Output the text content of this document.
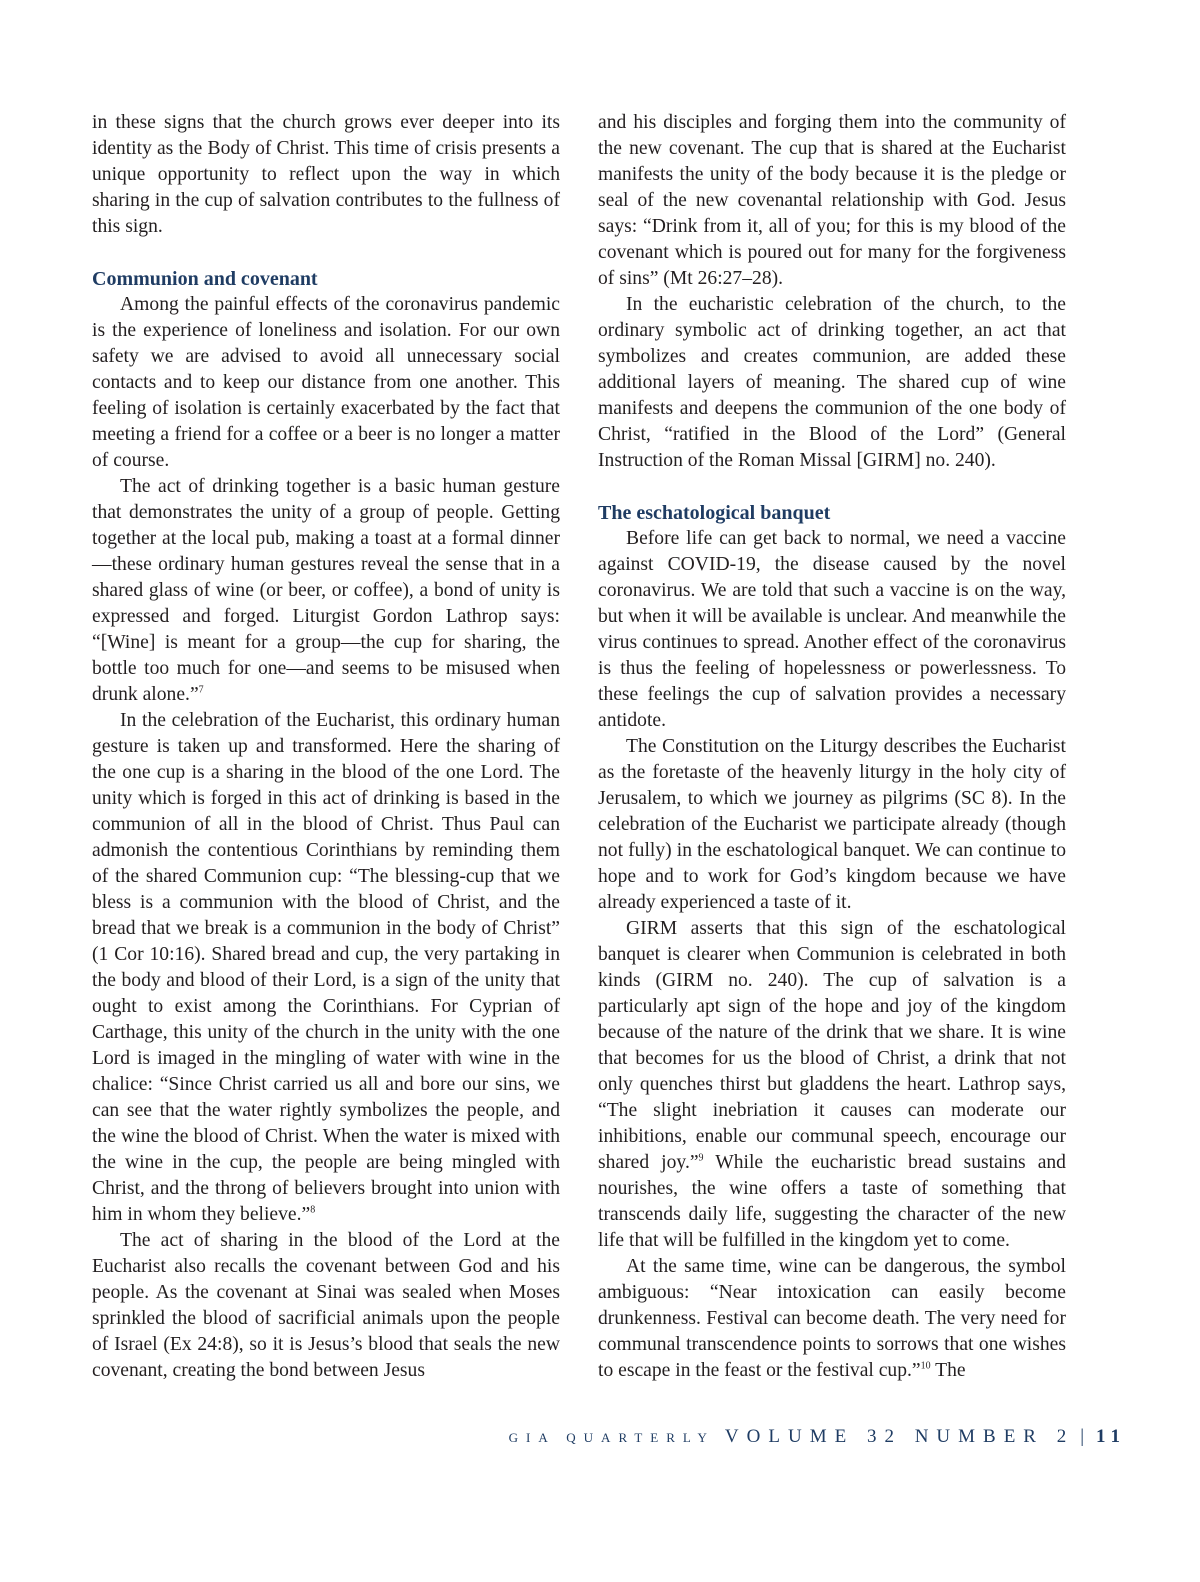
in these signs that the church grows ever deeper into its identity as the Body of Christ. This time of crisis presents a unique opportunity to reflect upon the way in which sharing in the cup of salvation contributes to the fullness of this sign.

Communion and covenant

Among the painful effects of the coronavirus pandemic is the experience of loneliness and isolation. For our own safety we are advised to avoid all unnecessary social contacts and to keep our distance from one another. This feeling of isolation is certainly exacerbated by the fact that meeting a friend for a coffee or a beer is no longer a matter of course.

The act of drinking together is a basic human gesture that demonstrates the unity of a group of people. Getting together at the local pub, making a toast at a formal dinner—these ordinary human gestures reveal the sense that in a shared glass of wine (or beer, or coffee), a bond of unity is expressed and forged. Liturgist Gordon Lathrop says: “[Wine] is meant for a group—the cup for sharing, the bottle too much for one—and seems to be misused when drunk alone.”$^7$

In the celebration of the Eucharist, this ordinary human gesture is taken up and transformed. Here the sharing of the one cup is a sharing in the blood of the one Lord. The unity which is forged in this act of drinking is based in the communion of all in the blood of Christ. Thus Paul can admonish the contentious Corinthians by reminding them of the shared Communion cup: “The blessing-cup that we bless is a communion with the blood of Christ, and the bread that we break is a communion in the body of Christ” (1 Cor 10:16). Shared bread and cup, the very partaking in the body and blood of their Lord, is a sign of the unity that ought to exist among the Corinthians. For Cyprian of Carthage, this unity of the church in the unity with the one Lord is imaged in the mingling of water with wine in the chalice: “Since Christ carried us all and bore our sins, we can see that the water rightly symbolizes the people, and the wine the blood of Christ. When the water is mixed with the wine in the cup, the people are being mingled with Christ, and the throng of believers brought into union with him in whom they believe.”$^8$

The act of sharing in the blood of the Lord at the Eucharist also recalls the covenant between God and his people. As the covenant at Sinai was sealed when Moses sprinkled the blood of sacrificial animals upon the people of Israel (Ex 24:8), so it is Jesus’s blood that seals the new covenant, creating the bond between Jesus

and his disciples and forging them into the community of the new covenant. The cup that is shared at the Eucharist manifests the unity of the body because it is the pledge or seal of the new covenantal relationship with God. Jesus says: “Drink from it, all of you; for this is my blood of the covenant which is poured out for many for the forgiveness of sins” (Mt 26:27–28).

In the eucharistic celebration of the church, to the ordinary symbolic act of drinking together, an act that symbolizes and creates communion, are added these additional layers of meaning. The shared cup of wine manifests and deepens the communion of the one body of Christ, “ratified in the Blood of the Lord” (General Instruction of the Roman Missal [GIRM] no. 240).

The eschatological banquet

Before life can get back to normal, we need a vaccine against COVID-19, the disease caused by the novel coronavirus. We are told that such a vaccine is on the way, but when it will be available is unclear. And meanwhile the virus continues to spread. Another effect of the coronavirus is thus the feeling of hopelessness or powerlessness. To these feelings the cup of salvation provides a necessary antidote.

The Constitution on the Liturgy describes the Eucharist as the foretaste of the heavenly liturgy in the holy city of Jerusalem, to which we journey as pilgrims (SC 8). In the celebration of the Eucharist we participate already (though not fully) in the eschatological banquet. We can continue to hope and to work for God’s kingdom because we have already experienced a taste of it.

GIRM asserts that this sign of the eschatological banquet is clearer when Communion is celebrated in both kinds (GIRM no. 240). The cup of salvation is a particularly apt sign of the hope and joy of the kingdom because of the nature of the drink that we share. It is wine that becomes for us the blood of Christ, a drink that not only quenches thirst but gladdens the heart. Lathrop says, “The slight inebriation it causes can moderate our inhibitions, enable our communal speech, encourage our shared joy.”$^9$ While the eucharistic bread sustains and nourishes, the wine offers a taste of something that transcends daily life, suggesting the character of the new life that will be fulfilled in the kingdom yet to come.

At the same time, wine can be dangerous, the symbol ambiguous: “Near intoxication can easily become drunkenness. Festival can become death. The very need for communal transcendence points to sorrows that one wishes to escape in the feast or the festival cup.”$^{10}$ The

GIA QUARTERLY VOLUME 32 NUMBER 2 | 11
